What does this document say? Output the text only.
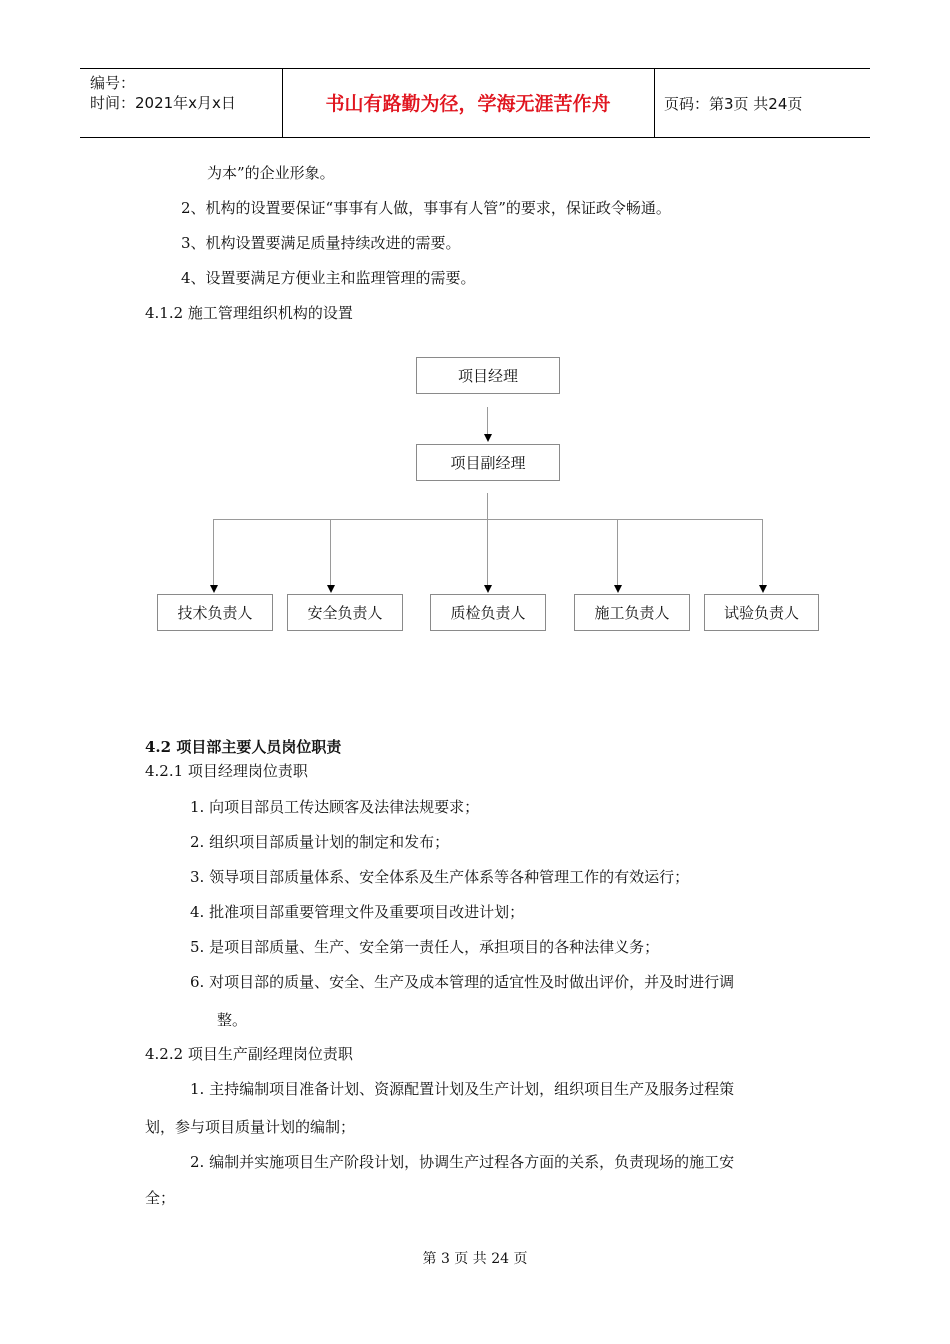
编号：
时间：2021年x月x日	书山有路勤为径，学海无涯苦作舟	页码：第3页 共24页
为本”的企业形象。
2、机构的设置要保证“事事有人做，事事有人管”的要求，保证政令畅通。
3、机构设置要满足质量持续改进的需要。
4、设置要满足方便业主和监理管理的需要。
4.1.2 施工管理组织机构的设置
项目经理
项目副经理
技术负责人	安全负责人	质检负责人	施工负责人	试验负责人
4.2 项目部主要人员岗位职责
4.2.1 项目经理岗位责职
1. 向项目部员工传达顾客及法律法规要求；
2. 组织项目部质量计划的制定和发布；
3. 领导项目部质量体系、安全体系及生产体系等各种管理工作的有效运行；
4. 批准项目部重要管理文件及重要项目改进计划；
5. 是项目部质量、生产、安全第一责任人，承担项目的各种法律义务；
6. 对项目部的质量、安全、生产及成本管理的适宜性及时做出评价，并及时进行调
整。
4.2.2 项目生产副经理岗位责职
1. 主持编制项目准备计划、资源配置计划及生产计划，组织项目生产及服务过程策
划，参与项目质量计划的编制；
2. 编制并实施项目生产阶段计划，协调生产过程各方面的关系，负责现场的施工安
全；
第 3 页 共 24 页
